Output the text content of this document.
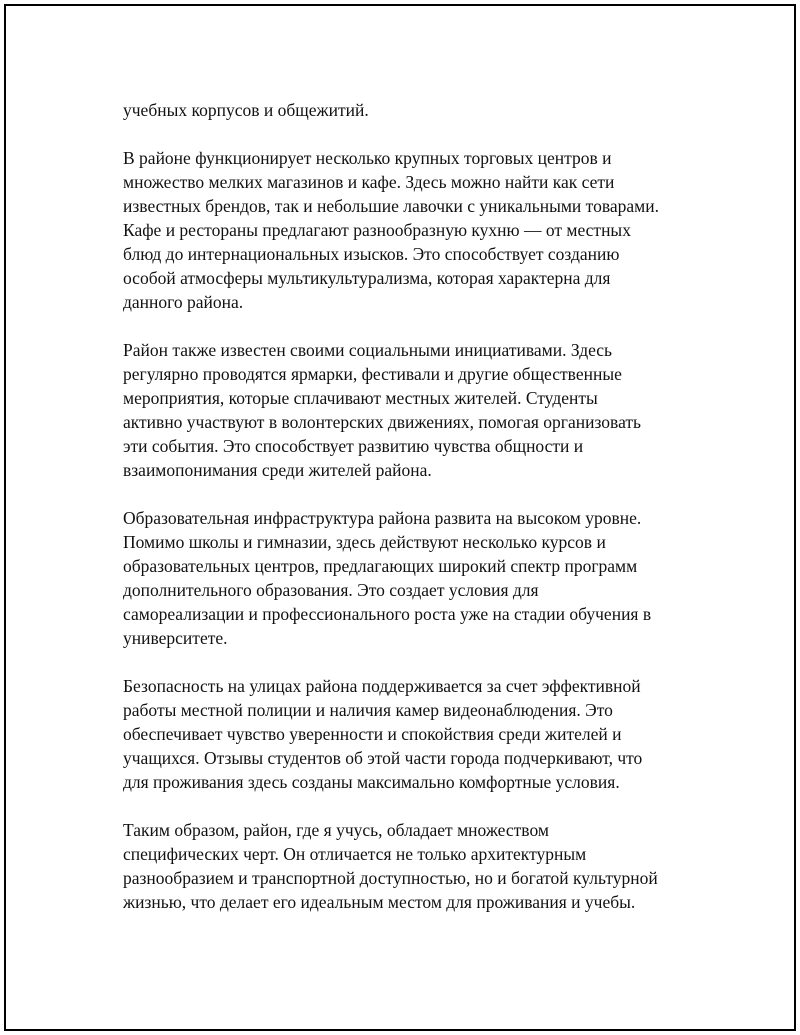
учебных корпусов и общежитий.

В районе функционирует несколько крупных торговых центров и
множество мелких магазинов и кафе. Здесь можно найти как сети
известных брендов, так и небольшие лавочки с уникальными товарами.
Кафе и рестораны предлагают разнообразную кухню — от местных
блюд до интернациональных изысков. Это способствует созданию
особой атмосферы мультикультурализма, которая характерна для
данного района.

Район также известен своими социальными инициативами. Здесь
регулярно проводятся ярмарки, фестивали и другие общественные
мероприятия, которые сплачивают местных жителей. Студенты
активно участвуют в волонтерских движениях, помогая организовать
эти события. Это способствует развитию чувства общности и
взаимопонимания среди жителей района.

Образовательная инфраструктура района развита на высоком уровне.
Помимо школы и гимназии, здесь действуют несколько курсов и
образовательных центров, предлагающих широкий спектр программ
дополнительного образования. Это создает условия для
самореализации и профессионального роста уже на стадии обучения в
университете.

Безопасность на улицах района поддерживается за счет эффективной
работы местной полиции и наличия камер видеонаблюдения. Это
обеспечивает чувство уверенности и спокойствия среди жителей и
учащихся. Отзывы студентов об этой части города подчеркивают, что
для проживания здесь созданы максимально комфортные условия.

Таким образом, район, где я учусь, обладает множеством
специфических черт. Он отличается не только архитектурным
разнообразием и транспортной доступностью, но и богатой культурной
жизнью, что делает его идеальным местом для проживания и учебы.
